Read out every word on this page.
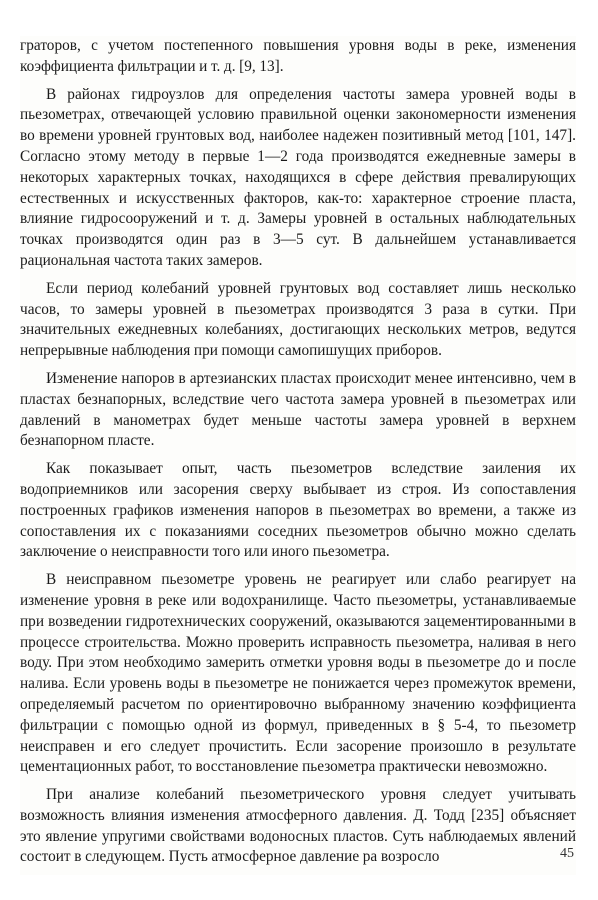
граторов, с учетом постепенного повышения уровня воды в реке, изменения коэффициента фильтрации и т. д. [9, 13].

В районах гидроузлов для определения частоты замера уровней воды в пьезометрах, отвечающей условию правильной оценки закономерности изменения во времени уровней грунтовых вод, наиболее надежен позитивный метод [101, 147]. Согласно этому методу в первые 1—2 года производятся ежедневные замеры в некоторых характерных точках, находящихся в сфере действия превалирующих естественных и искусственных факторов, как-то: характерное строение пласта, влияние гидросооружений и т. д. Замеры уровней в остальных наблюдательных точках производятся один раз в 3—5 сут. В дальнейшем устанавливается рациональная частота таких замеров.

Если период колебаний уровней грунтовых вод составляет лишь несколько часов, то замеры уровней в пьезометрах производятся 3 раза в сутки. При значительных ежедневных колебаниях, достигающих нескольких метров, ведутся непрерывные наблюдения при помощи самопишущих приборов.

Изменение напоров в артезианских пластах происходит менее интенсивно, чем в пластах безнапорных, вследствие чего частота замера уровней в пьезометрах или давлений в манометрах будет меньше частоты замера уровней в верхнем безнапорном пласте.

Как показывает опыт, часть пьезометров вследствие заиления их водоприемников или засорения сверху выбывает из строя. Из сопоставления построенных графиков изменения напоров в пьезометрах во времени, а также из сопоставления их с показаниями соседних пьезометров обычно можно сделать заключение о неисправности того или иного пьезометра.

В неисправном пьезометре уровень не реагирует или слабо реагирует на изменение уровня в реке или водохранилище. Часто пьезометры, устанавливаемые при возведении гидротехнических сооружений, оказываются зацементированными в процессе строительства. Можно проверить исправность пьезометра, наливая в него воду. При этом необходимо замерить отметки уровня воды в пьезометре до и после налива. Если уровень воды в пьезометре не понижается через промежуток времени, определяемый расчетом по ориентировочно выбранному значению коэффициента фильтрации с помощью одной из формул, приведенных в § 5-4, то пьезометр неисправен и его следует прочистить. Если засорение произошло в результате цементационных работ, то восстановление пьезометра практически невозможно.

При анализе колебаний пьезометрического уровня следует учитывать возможность влияния изменения атмосферного давления. Д. Тодд [235] объясняет это явление упругими свойствами водоносных пластов. Суть наблюдаемых явлений состоит в следующем. Пусть атмосферное давление pа возросло	45
